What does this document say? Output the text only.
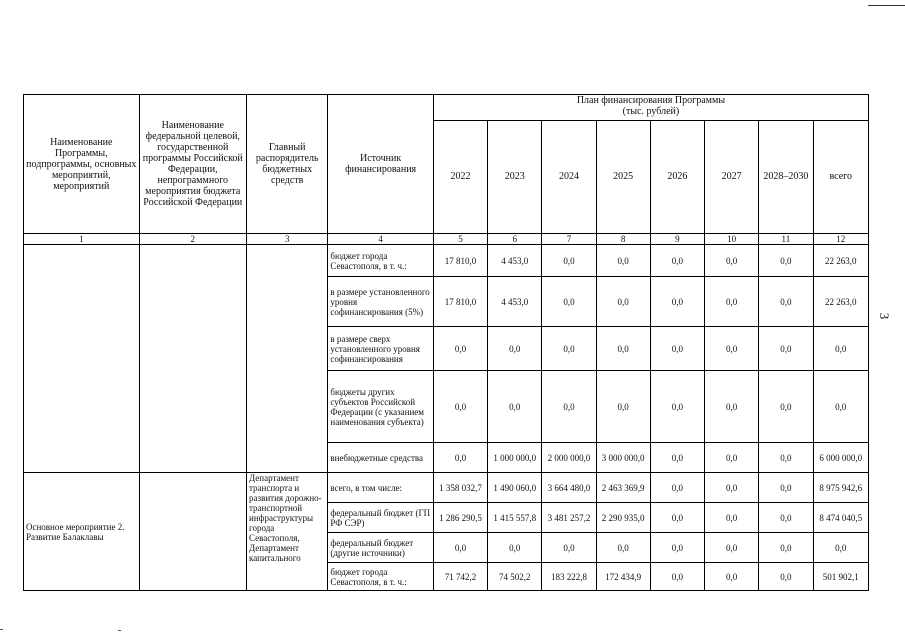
3
Наименование Программы, подпрограммы, основных мероприятий, мероприятий	Наименование федеральной целевой, государственной программы Российской Федерации, непрограммного мероприятия бюджета Российской Федерации	Главный распорядитель бюджетных средств	Источник финансирования	План финансирования Программы
(тыс. рублей)							

				2022	2023	2024	2025	2026	2027	2028–2030	всего
1	2	3	4	5	6	7	8	9	10	11	12
			бюджет города Севастополя, в т. ч.:	17 810,0	4 453,0	0,0	0,0	0,0	0,0	0,0	22 263,0
			в размере установленного уровня софинансирования (5%)	17 810,0	4 453,0	0,0	0,0	0,0	0,0	0,0	22 263,0
			в размере сверх установленного уровня софинансирования	0,0	0,0	0,0	0,0	0,0	0,0	0,0	0,0
			бюджеты других субъектов Российской Федерации (с указанием наименования субъекта)	0,0	0,0	0,0	0,0	0,0	0,0	0,0	0,0
			внебюджетные средства	0,0	1 000 000,0	2 000 000,0	3 000 000,0	0,0	0,0	0,0	6 000 000,0
Основное мероприятие 2. Развитие Балаклавы		Департамент транспорта и развития дорожно-транспортной инфраструктуры города Севастополя, Департамент капитального	всего, в том числе:	1 358 032,7	1 490 060,0	3 664 480,0	2 463 369,9	0,0	0,0	0,0	8 975 942,6
			федеральный бюджет (ГП РФ СЭР)	1 286 290,5	1 415 557,8	3 481 257,2	2 290 935,0	0,0	0,0	0,0	8 474 040,5
			федеральный бюджет (другие источники)	0,0	0,0	0,0	0,0	0,0	0,0	0,0	0,0
			бюджет города Севастополя, в т. ч.:	71 742,2	74 502,2	183 222,8	172 434,9	0,0	0,0	0,0	501 902,1
